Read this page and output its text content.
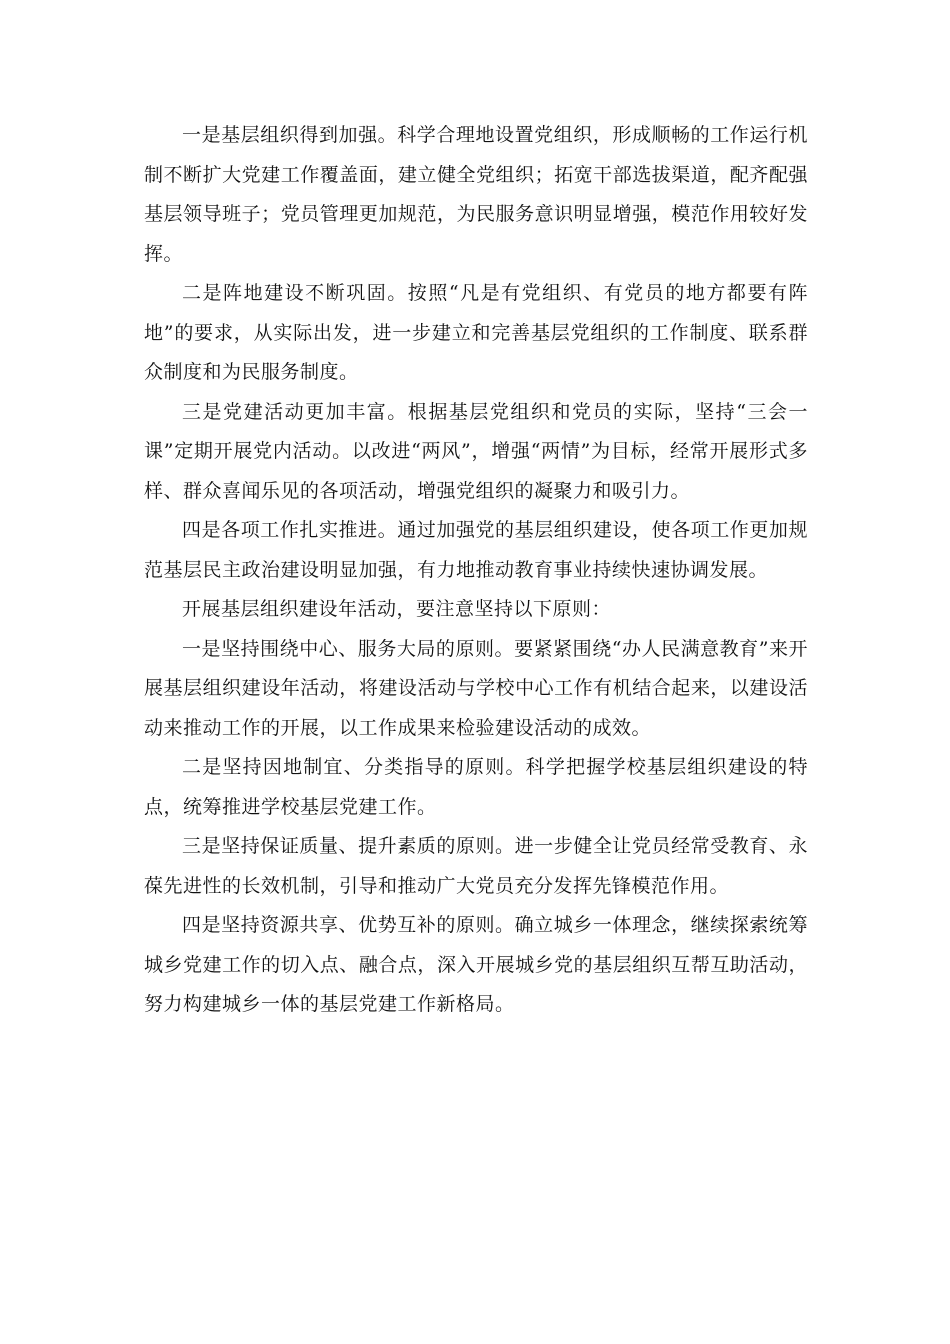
一是基层组织得到加强。科学合理地设置党组织，形成顺畅的工作运行机制不断扩大党建工作覆盖面，建立健全党组织；拓宽干部选拔渠道，配齐配强基层领导班子；党员管理更加规范，为民服务意识明显增强，模范作用较好发挥。

二是阵地建设不断巩固。按照“凡是有党组织、有党员的地方都要有阵地”的要求，从实际出发，进一步建立和完善基层党组织的工作制度、联系群众制度和为民服务制度。

三是党建活动更加丰富。根据基层党组织和党员的实际，坚持“三会一课”定期开展党内活动。以改进“两风”，增强“两情”为目标，经常开展形式多样、群众喜闻乐见的各项活动，增强党组织的凝聚力和吸引力。

四是各项工作扎实推进。通过加强党的基层组织建设，使各项工作更加规范基层民主政治建设明显加强，有力地推动教育事业持续快速协调发展。

开展基层组织建设年活动，要注意坚持以下原则：

一是坚持围绕中心、服务大局的原则。要紧紧围绕“办人民满意教育”来开展基层组织建设年活动，将建设活动与学校中心工作有机结合起来，以建设活动来推动工作的开展，以工作成果来检验建设活动的成效。

二是坚持因地制宜、分类指导的原则。科学把握学校基层组织建设的特点，统筹推进学校基层党建工作。

三是坚持保证质量、提升素质的原则。进一步健全让党员经常受教育、永葆先进性的长效机制，引导和推动广大党员充分发挥先锋模范作用。

四是坚持资源共享、优势互补的原则。确立城乡一体理念，继续探索统筹城乡党建工作的切入点、融合点，深入开展城乡党的基层组织互帮互助活动，努力构建城乡一体的基层党建工作新格局。
